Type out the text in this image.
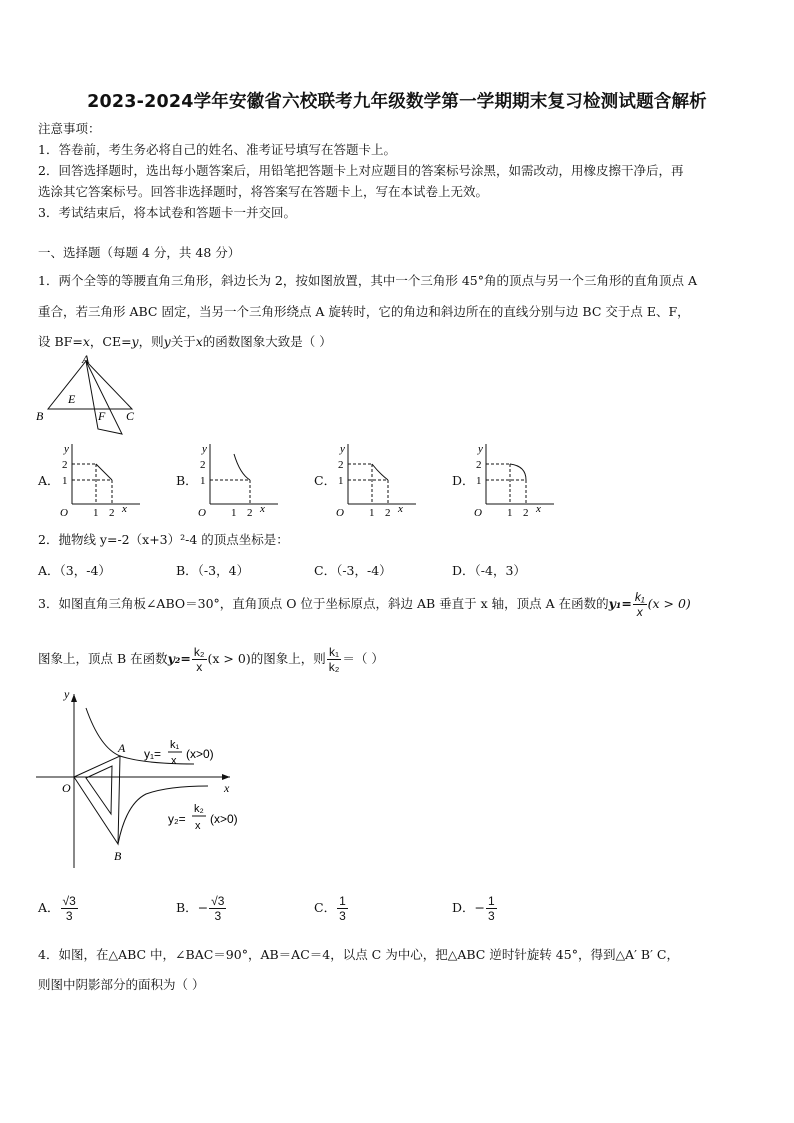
2023-2024学年安徽省六校联考九年级数学第一学期期末复习检测试题含解析
注意事项：
1．答卷前，考生务必将自己的姓名、准考证号填写在答题卡上。
2．回答选择题时，选出每小题答案后，用铅笔把答题卡上对应题目的答案标号涂黑，如需改动，用橡皮擦干净后，再
选涂其它答案标号。回答非选择题时，将答案写在答题卡上，写在本试卷上无效。
3．考试结束后，将本试卷和答题卡一并交回。
一、选择题（每题 4 分，共 48 分）
1．两个全等的等腰直角三角形，斜边长为 2，按如图放置，其中一个三角形 45°角的顶点与另一个三角形的直角顶点 A
重合，若三角形 ABC 固定，当另一个三角形绕点 A 旋转时，它的角边和斜边所在的直线分别与边 BC 交于点 E、F，
设 BF=x，CE=y，则y关于x的函数图象大致是（ ）
A
B	C
E
F
A．	B．	C．	D．
y
2
1
O 1 2 x
y
2
1
O 1 2 x
y
2
1
O 1 2 x
y
2
1
O 1 2 x
2．抛物线 y=-2（x+3）²-4 的顶点坐标是：
A．（3，-4）	B．（-3，4）	C．（-3，-4）	D．（-4，3）
3．如图直角三角板∠ABO＝30°，直角顶点 O 位于坐标原点，斜边 AB 垂直于 x 轴，顶点 A 在函数的$y_1= \frac{\text{k₁}}{x} (x > 0)$
图象上，顶点 B 在函数$y_2= \frac{\text{k₂}}{x} (x > 0)$的图象上，则 $\frac{\text{k₁}}{\text{k₂}}$ ＝（ ）
y
x
O
A
B
y₁=
k₁
x (x>0)
y₂=
k₂
x (x>0)
A． $\frac{√3}{3}$	B．− $\frac{√3}{3}$	C． $\frac{1}{3}$	D．− $\frac{1}{3}$
4．如图，在△ABC 中，∠BAC＝90°，AB＝AC＝4，以点 C 为中心，把△ABC 逆时针旋转 45°，得到△A′ B′ C，
则图中阴影部分的面积为（ ）
